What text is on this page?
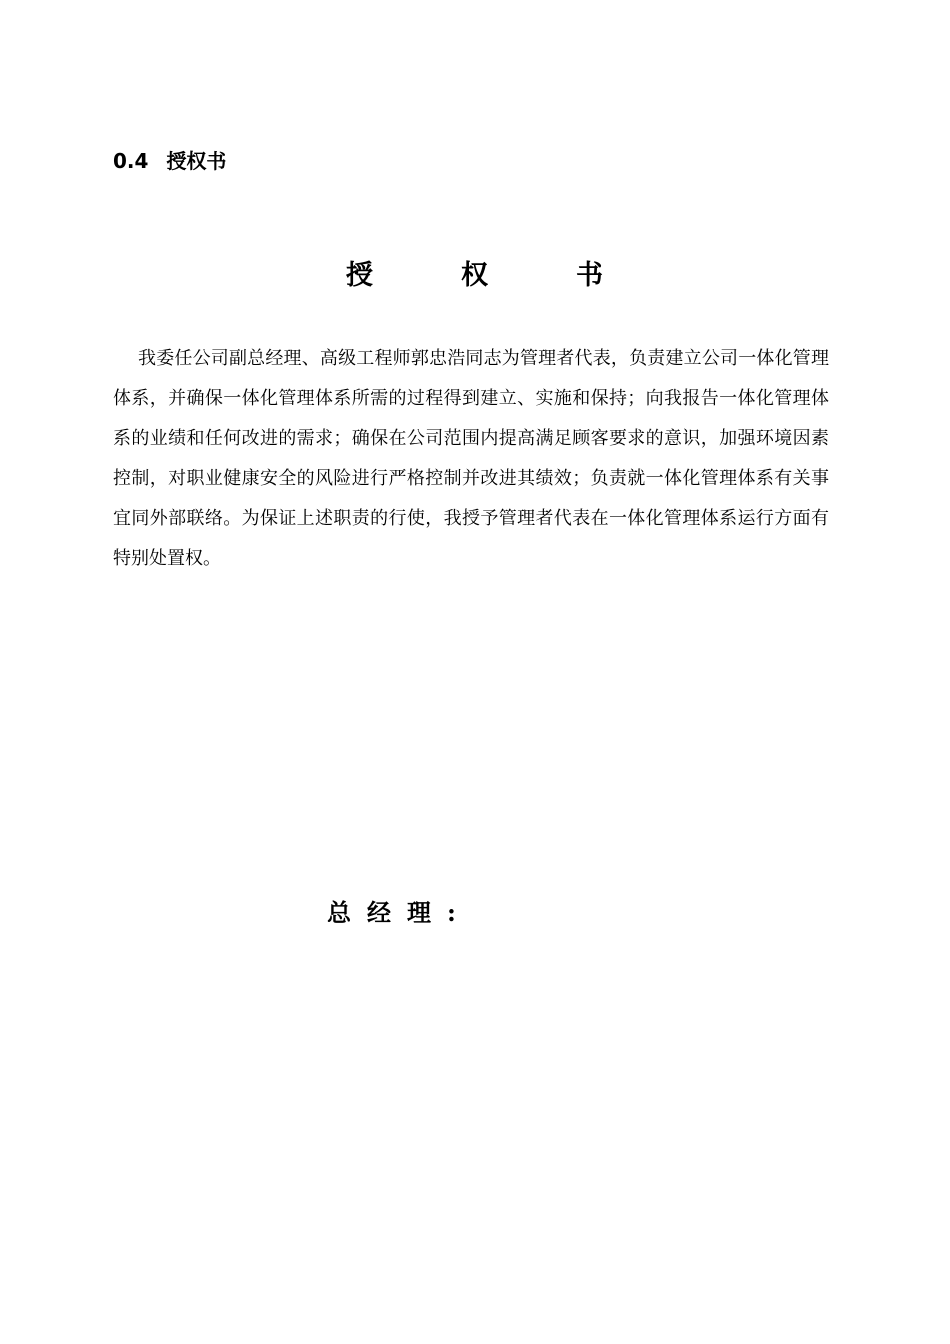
0.4 授权书
授	权	书
我委任公司副总经理、高级工程师郭忠浩同志为管理者代表，负责建立公司一体化管理体系，并确保一体化管理体系所需的过程得到建立、实施和保持；向我报告一体化管理体系的业绩和任何改进的需求；确保在公司范围内提高满足顾客要求的意识，加强环境因素控制，对职业健康安全的风险进行严格控制并改进其绩效；负责就一体化管理体系有关事宜同外部联络。为保证上述职责的行使，我授予管理者代表在一体化管理体系运行方面有特别处置权。
总经理:
